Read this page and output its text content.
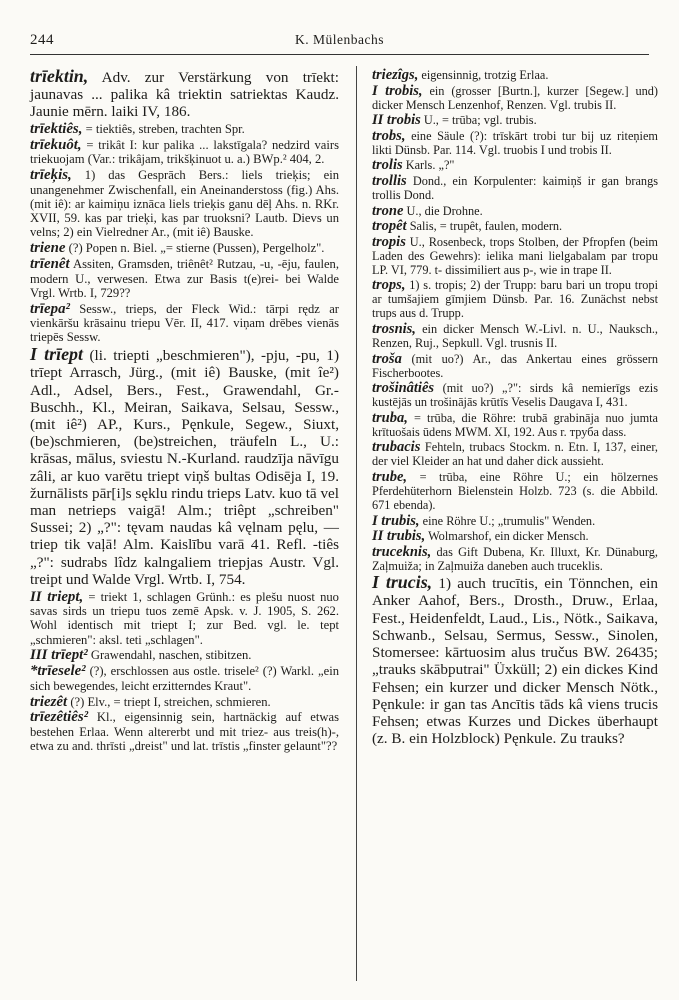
244	K. Mülenbachs

trīektin, Adv. zur Verstärkung von trīekt: jaunavas ... palika kâ triektin satriektas Kaudz. Jaunie mērn. laiki IV, 186.

trīektiês, = tiektiês, streben, trachten Spr.

trīekuôt, = trikât I: kur palika ... lakstīgala? nedzird vairs triekuojam (Var.: trikâjam, trikšķinuot u. a.) BWp.² 404, 2.

trīeķis, 1) das Gesprāch Bers.: liels trieķis; ein unangenehmer Zwischenfall, ein Aneinanderstoss (fig.) Ahs. (mit iê): ar kaimiņu iznāca liels trieķis ganu dēļ Ahs. n. RKr. XVII, 59. kas par trieķi, kas par truoksni? Lautb. Dievs un velns; 2) ein Vielredner Ar., (mit iê) Bauske.

triene (?) Popen n. Biel. „= stierne (Pussen), Pergelholz".

trīenêt Assiten, Gramsden, triênêt² Rutzau, -u, -ēju, faulen, modern U., verwesen. Etwa zur Basis t(e)rei- bei Walde Vrgl. Wrtb. I, 729??

trīepa² Sessw., trieps, der Fleck Wid.: tārpi rędz ar vienkāršu krāsainu triepu Vēr. II, 417. viņam drēbes vienās triepēs Sessw.

I trīept (li. triepti „beschmieren"), -pju, -pu, 1) trīept Arrasch, Jürg., (mit iê) Bauske, (mit îe²) Adl., Adsel, Bers., Fest., Grawendahl, Gr.-Buschh., Kl., Meiran, Saikava, Selsau, Sessw., (mit iê²) AP., Kurs., Pęnkule, Segew., Siuxt, (be)schmieren, (be)streichen, träufeln L., U.: krāsas, mālus, sviestu N.-Kurland. raudzīja nāvīgu zâli, ar kuo varētu triept viņš bultas Odisēja I, 19. žurnālists pār[i]s sęklu rindu trieps Latv. kuo tā vel man netrieps vaigā! Alm.; triêpt „schreiben" Sussei; 2) „?": tęvam naudas kâ vęlnam pęlu, — triep tik vaļā! Alm. Kaislību varā 41. Refl. -tiês „?": sudrabs lîdz kalngaliem triepjas Austr. Vgl. treipt und Walde Vrgl. Wrtb. I, 754.

II triept, = triekt 1, schlagen Grünh.: es plešu nuost nuo savas sirds un triepu tuos zemē Apsk. v. J. 1905, S. 262. Wohl identisch mit triept I; zur Bed. vgl. le. tept „schmieren": aksl. teti „schlagen".

III trīept² Grawendahl, naschen, stibitzen.

*trīesele² (?), erschlossen aus ostle. trisele² (?) Warkl. „ein sich bewegendes, leicht erzitterndes Kraut".

triezêt (?) Elv., = triept I, streichen, schmieren.

trīezêtiês² Kl., eigensinnig sein, hartnäckig auf etwas bestehen Erlaa. Wenn altererbt und mit triez- aus treis(h)-, etwa zu and. thrīsti „dreist" und lat. trīstis „finster gelaunt"??

triezîgs, eigensinnig, trotzig Erlaa.

I trobis, ein (grosser [Burtn.], kurzer [Segew.] und) dicker Mensch Lenzenhof, Renzen. Vgl. trubis II.

II trobis U., = trūba; vgl. trubis.

trobs, eine Säule (?): trīskārt trobi tur bij uz riteņiem likti Dünsb. Par. 114. Vgl. truobis I und trobis II.

trolis Karls. „?"

trollis Dond., ein Korpulenter: kaimiņš ir gan brangs trollis Dond.

trone U., die Drohne.

tropêt Salis, = trupêt, faulen, modern.

tropis U., Rosenbeck, trops Stolben, der Pfropfen (beim Laden des Gewehrs): ielika mani lielgabalam par tropu LP. VI, 779. t- dissimiliert aus p-, wie in trape II.

trops, 1) s. tropis; 2) der Trupp: baru bari un tropu tropi ar tumšajiem gīmjiem Dünsb. Par. 16. Zunächst nebst trups aus d. Trupp.

trosnis, ein dicker Mensch W.-Livl. n. U., Nauksch., Renzen, Ruj., Sepkull. Vgl. trusnis II.

troša (mit uo?) Ar., das Ankertau eines grössern Fischerbootes.

trošinâtiês (mit uo?) „?": sirds kâ nemierīgs ezis kustējās un trošinājās krūtīs Veselis Daugava I, 431.

truba, = trūba, die Röhre: trubā grabināja nuo jumta krītuošais ūdens MWM. XI, 192. Aus r. труба dass.

trubacis Fehteln, trubacs Stockm. n. Etn. I, 137, einer, der viel Kleider an hat und daher dick aussieht.

trube, = trūba, eine Röhre U.; ein hölzernes Pferdehüterhorn Bielenstein Holzb. 723 (s. die Abbild. 671 ebenda).

I trubis, eine Röhre U.; „trumulis" Wenden.

II trubis, Wolmarshof, ein dicker Mensch.

truceknis, das Gift Dubena, Kr. Illuxt, Kr. Dünaburg, Zaļmuiža; in Zaļmuiža daneben auch truceklis.

I trucis, 1) auch trucītis, ein Tönnchen, ein Anker Aahof, Bers., Drosth., Druw., Erlaa, Fest., Heidenfeldt, Laud., Lis., Nötk., Saikava, Schwanb., Selsau, Sermus, Sessw., Sinolen, Stomersee: kārtuosim alus tručus BW. 26435; „trauks skābputrai" Üxküll; 2) ein dickes Kind Fehsen; ein kurzer und dicker Mensch Nötk., Pęnkule: ir gan tas Ancītis tāds kâ viens trucis Fehsen; etwas Kurzes und Dickes überhaupt (z. B. ein Holzblock) Pęnkule. Zu trauks?
